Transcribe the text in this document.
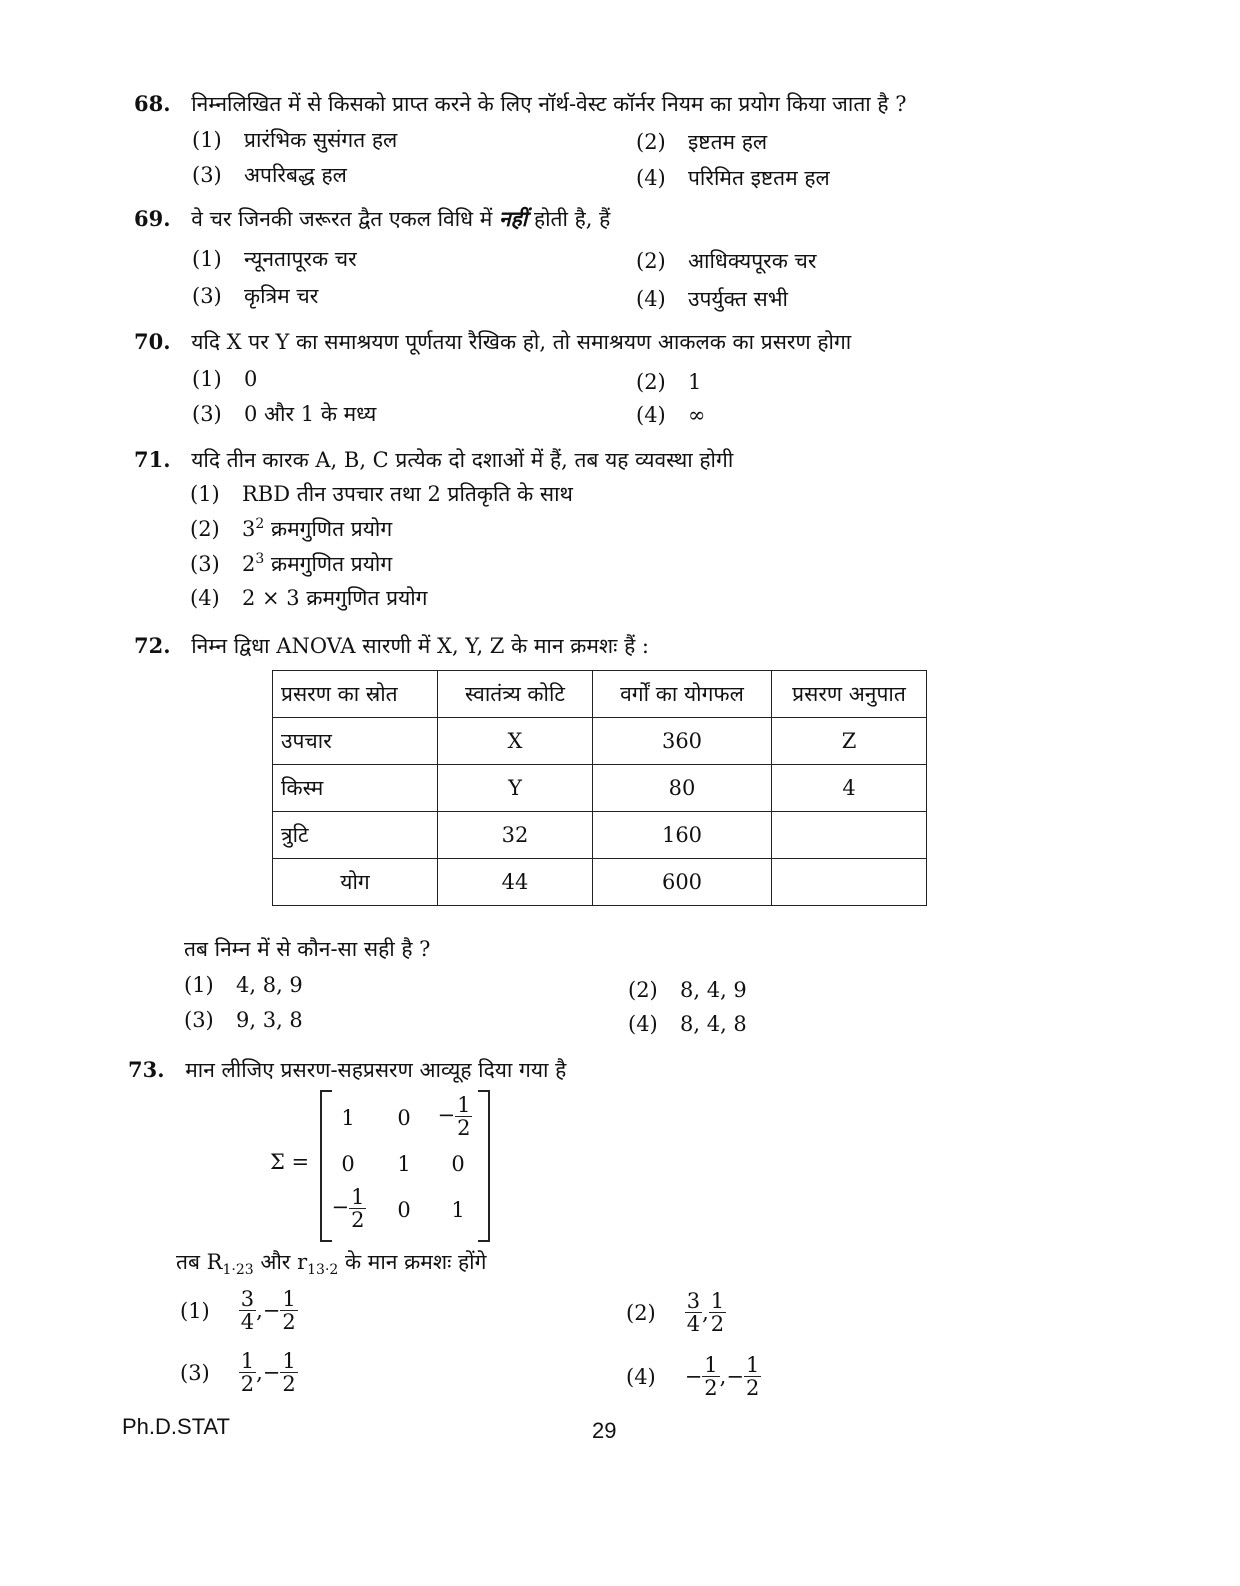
68. निम्नलिखित में से किसको प्राप्त करने के लिए नॉर्थ-वेस्ट कॉर्नर नियम का प्रयोग किया जाता है ?
(1) प्रारंभिक सुसंगत हल	(2) इष्टतम हल
(3) अपरिबद्ध हल	(4) परिमित इष्टतम हल
69. वे चर जिनकी जरूरत द्वैत एकल विधि में नहीं होती है, हैं
(1) न्यूनतापूरक चर	(2) आधिक्यपूरक चर
(3) कृत्रिम चर	(4) उपर्युक्त सभी
70. यदि X पर Y का समाश्रयण पूर्णतया रैखिक हो, तो समाश्रयण आकलक का प्रसरण होगा
(1) 0	(2) 1
(3) 0 और 1 के मध्य	(4) ∞
71. यदि तीन कारक A, B, C प्रत्येक दो दशाओं में हैं, तब यह व्यवस्था होगी
(1) RBD तीन उपचार तथा 2 प्रतिकृति के साथ
(2) $3^2$ क्रमगुणित प्रयोग
(3) $2^3$ क्रमगुणित प्रयोग
(4) 2 × 3 क्रमगुणित प्रयोग
72. निम्न द्विधा ANOVA सारणी में X, Y, Z के मान क्रमशः हैं :
प्रसरण का स्रोत	स्वातंत्र्य कोटि	वर्गों का योगफल	प्रसरण अनुपात
उपचार	X	360	Z
किस्म	Y	80	4
त्रुटि	32	160	
योग	44	600	
तब निम्न में से कौन-सा सही है ?
(1) 4, 8, 9	(2) 8, 4, 9
(3) 9, 3, 8	(4) 8, 4, 8
73. मान लीजिए प्रसरण-सहप्रसरण आव्यूह दिया गया है
Σ =
1	0	− $\frac{1}{2}$
0	1	0
− $\frac{1}{2}$	0	1
तब $R_{1\cdot 23}$ और $r_{13\cdot 2}$ के मान क्रमशः होंगे
$(1) \frac{3}{4}$ ,− $\frac{1}{2}$	$(2) \frac{3}{4}$ , $\frac{1}{2}$
$(3) \frac{1}{2}$ ,− $\frac{1}{2}$	$(4) - \frac{1}{2}$ ,− $\frac{1}{2}$
Ph.D.STAT	29
